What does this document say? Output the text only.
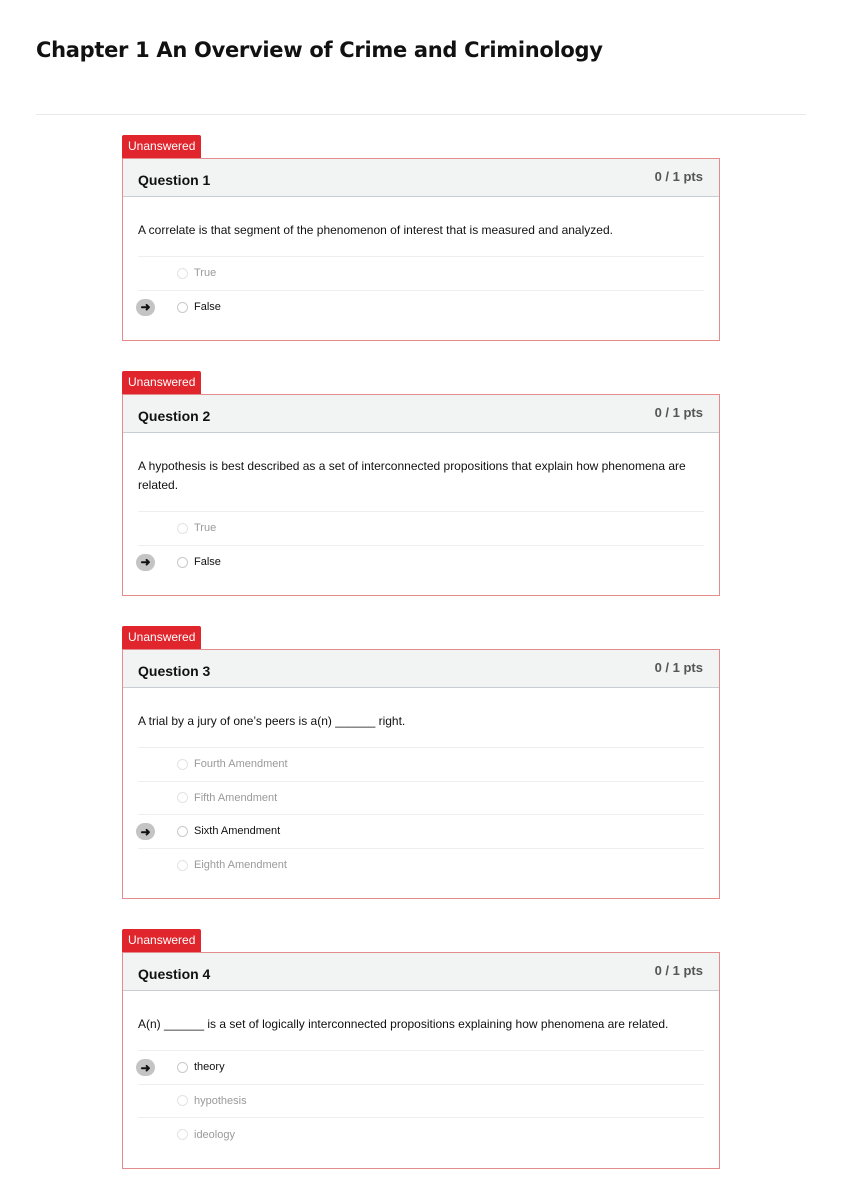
Chapter 1 An Overview of Crime and Criminology
Unanswered
Question 1	0 / 1 pts

A correlate is that segment of the phenomenon of interest that is measured and analyzed.

True
➜	False
Unanswered
Question 2	0 / 1 pts

A hypothesis is best described as a set of interconnected propositions that explain how phenomena are related.

True
➜	False
Unanswered
Question 3	0 / 1 pts

A trial by a jury of one’s peers is a(n) ______ right.

Fourth Amendment
Fifth Amendment
➜	Sixth Amendment
Eighth Amendment
Unanswered
Question 4	0 / 1 pts

A(n) ______ is a set of logically interconnected propositions explaining how phenomena are related.

➜	theory
hypothesis
ideology
